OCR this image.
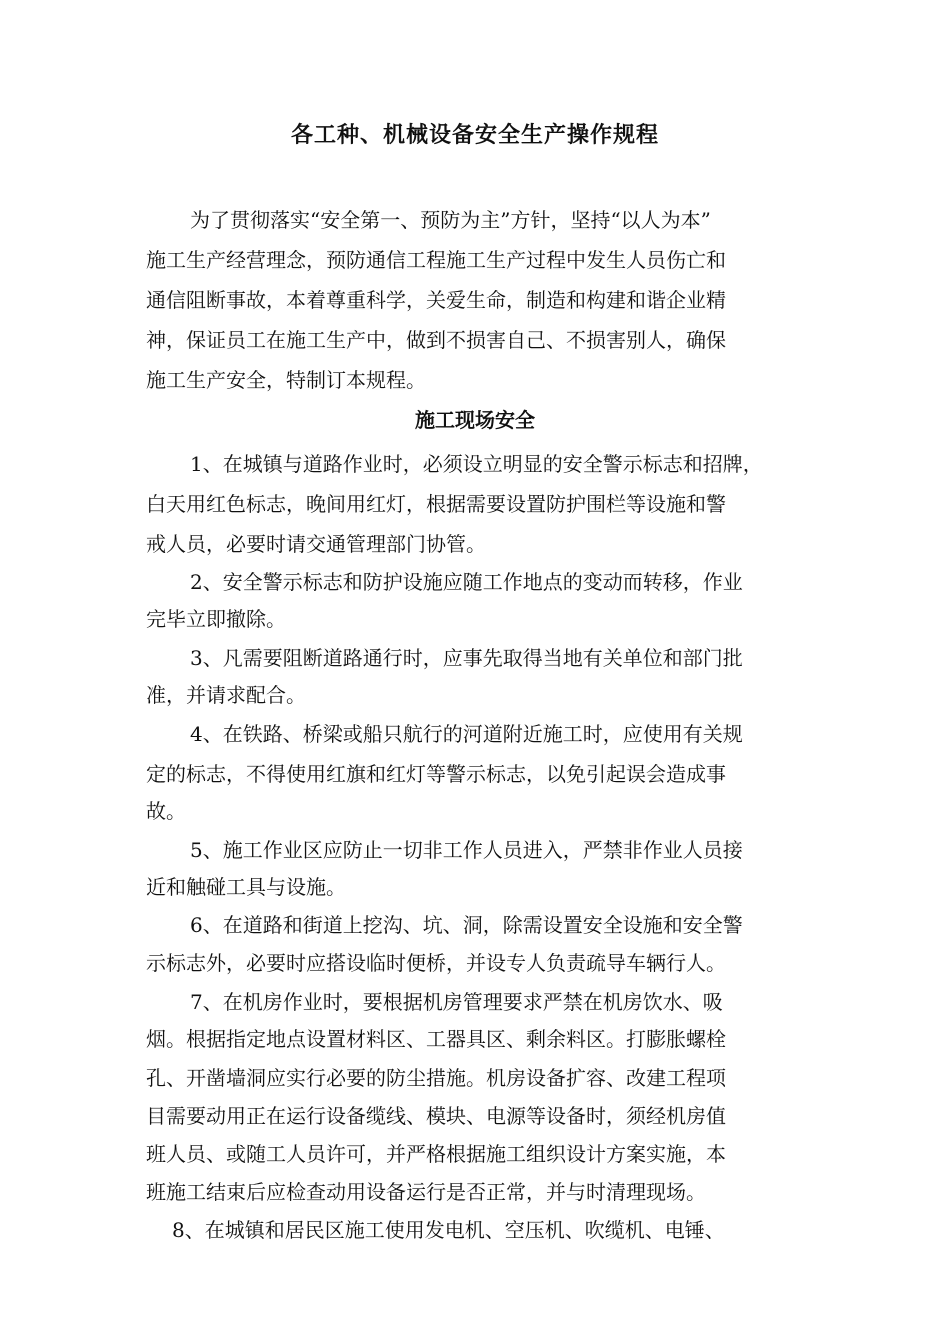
各工种、机械设备安全生产操作规程
为了贯彻落实“安全第一、预防为主”方针，坚持“以人为本”
施工生产经营理念，预防通信工程施工生产过程中发生人员伤亡和
通信阻断事故，本着尊重科学，关爱生命，制造和构建和谐企业精
神，保证员工在施工生产中，做到不损害自己、不损害别人，确保
施工生产安全，特制订本规程。
施工现场安全
1、在城镇与道路作业时，必须设立明显的安全警示标志和招牌，
白天用红色标志，晚间用红灯，根据需要设置防护围栏等设施和警
戒人员，必要时请交通管理部门协管。
2、安全警示标志和防护设施应随工作地点的变动而转移，作业
完毕立即撤除。
3、凡需要阻断道路通行时，应事先取得当地有关单位和部门批
准，并请求配合。
4、在铁路、桥梁或船只航行的河道附近施工时，应使用有关规
定的标志，不得使用红旗和红灯等警示标志，以免引起误会造成事
故。
5、施工作业区应防止一切非工作人员进入，严禁非作业人员接
近和触碰工具与设施。
6、在道路和街道上挖沟、坑、洞，除需设置安全设施和安全警
示标志外，必要时应搭设临时便桥，并设专人负责疏导车辆行人。
7、在机房作业时，要根据机房管理要求严禁在机房饮水、吸
烟。根据指定地点设置材料区、工器具区、剩余料区。打膨胀螺栓
孔、开凿墙洞应实行必要的防尘措施。机房设备扩容、改建工程项
目需要动用正在运行设备缆线、模块、电源等设备时，须经机房值
班人员、或随工人员许可，并严格根据施工组织设计方案实施，本
班施工结束后应检查动用设备运行是否正常，并与时清理现场。
8、在城镇和居民区施工使用发电机、空压机、吹缆机、电锤、
